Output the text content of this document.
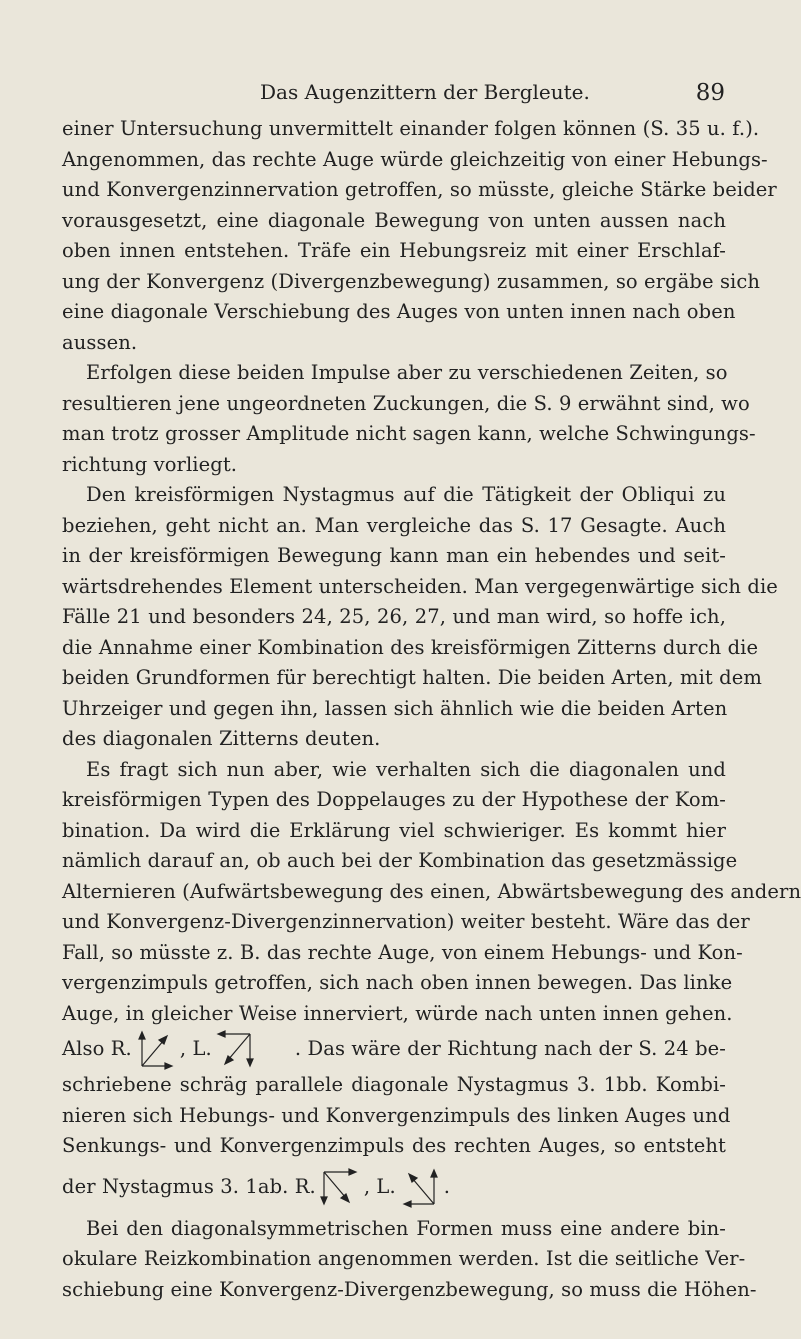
Das Augenzittern der Bergleute.	89
einer Untersuchung unvermittelt einander folgen können (S. 35 u. f.).
Angenommen, das rechte Auge würde gleichzeitig von einer Hebungs-
und Konvergenzinnervation getroffen, so müsste, gleiche Stärke beider
vorausgesetzt, eine diagonale Bewegung von unten aussen nach
oben innen entstehen. Träfe ein Hebungsreiz mit einer Erschlaf-
ung der Konvergenz (Divergenzbewegung) zusammen, so ergäbe sich
eine diagonale Verschiebung des Auges von unten innen nach oben
aussen.
Erfolgen diese beiden Impulse aber zu verschiedenen Zeiten, so
resultieren jene ungeordneten Zuckungen, die S. 9 erwähnt sind, wo
man trotz grosser Amplitude nicht sagen kann, welche Schwingungs-
richtung vorliegt.
Den kreisförmigen Nystagmus auf die Tätigkeit der Obliqui zu
beziehen, geht nicht an. Man vergleiche das S. 17 Gesagte. Auch
in der kreisförmigen Bewegung kann man ein hebendes und seit-
wärtsdrehendes Element unterscheiden. Man vergegenwärtige sich die
Fälle 21 und besonders 24, 25, 26, 27, und man wird, so hoffe ich,
die Annahme einer Kombination des kreisförmigen Zitterns durch die
beiden Grundformen für berechtigt halten. Die beiden Arten, mit dem
Uhrzeiger und gegen ihn, lassen sich ähnlich wie die beiden Arten
des diagonalen Zitterns deuten.
Es fragt sich nun aber, wie verhalten sich die diagonalen und
kreisförmigen Typen des Doppelauges zu der Hypothese der Kom-
bination. Da wird die Erklärung viel schwieriger. Es kommt hier
nämlich darauf an, ob auch bei der Kombination das gesetzmässige
Alternieren (Aufwärtsbewegung des einen, Abwärtsbewegung des andern
und Konvergenz-Divergenzinnervation) weiter besteht. Wäre das der
Fall, so müsste z. B. das rechte Auge, von einem Hebungs- und Kon-
vergenzimpuls getroffen, sich nach oben innen bewegen. Das linke
Auge, in gleicher Weise innerviert, würde nach unten innen gehen.
Also R. , L.	. Das wäre der Richtung nach der S. 24 be-
schriebene schräg parallele diagonale Nystagmus 3. 1bb. Kombi-
nieren sich Hebungs- und Konvergenzimpuls des linken Auges und
Senkungs- und Konvergenzimpuls des rechten Auges, so entsteht
der Nystagmus 3. 1ab. R. , L. .
Bei den diagonalsymmetrischen Formen muss eine andere bin-
okulare Reizkombination angenommen werden. Ist die seitliche Ver-
schiebung eine Konvergenz-Divergenzbewegung, so muss die Höhen-
